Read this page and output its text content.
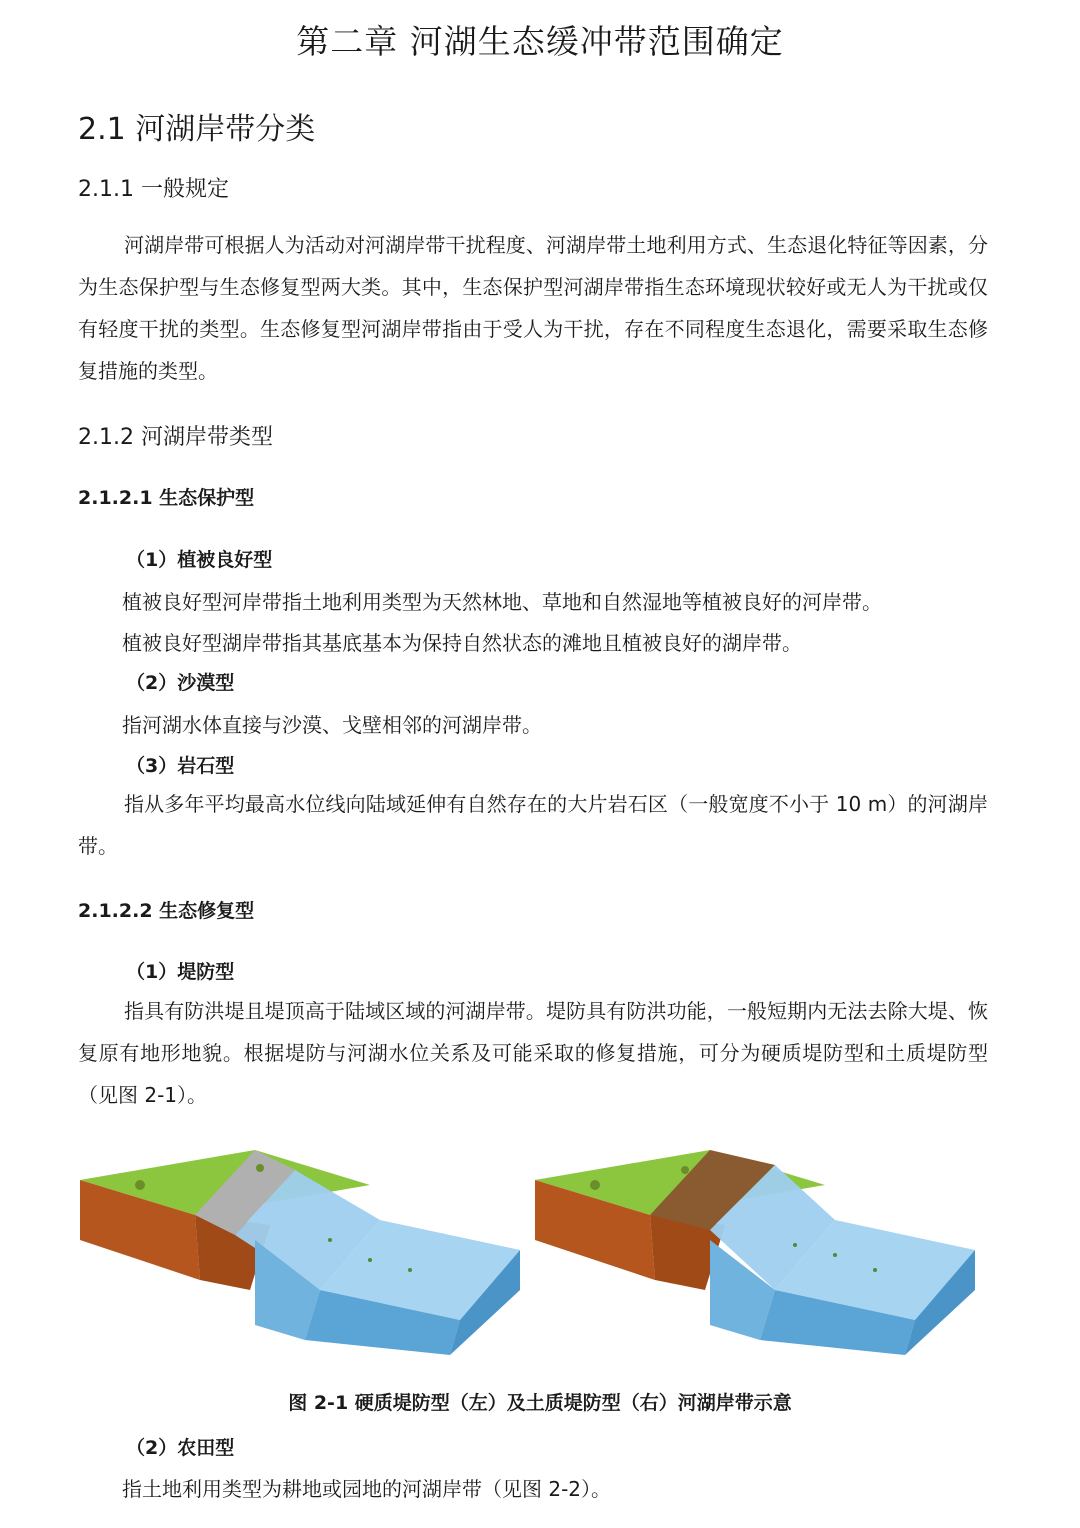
第二章 河湖生态缓冲带范围确定
2.1 河湖岸带分类
2.1.1 一般规定
河湖岸带可根据人为活动对河湖岸带干扰程度、河湖岸带土地利用方式、生态退化特征等因素，分为生态保护型与生态修复型两大类。其中，生态保护型河湖岸带指生态环境现状较好或无人为干扰或仅有轻度干扰的类型。生态修复型河湖岸带指由于受人为干扰，存在不同程度生态退化，需要采取生态修复措施的类型。
2.1.2 河湖岸带类型
2.1.2.1 生态保护型
（1）植被良好型
植被良好型河岸带指土地利用类型为天然林地、草地和自然湿地等植被良好的河岸带。
植被良好型湖岸带指其基底基本为保持自然状态的滩地且植被良好的湖岸带。
（2）沙漠型
指河湖水体直接与沙漠、戈壁相邻的河湖岸带。
（3）岩石型
指从多年平均最高水位线向陆域延伸有自然存在的大片岩石区（一般宽度不小于 10 m）的河湖岸带。
2.1.2.2 生态修复型
（1）堤防型
指具有防洪堤且堤顶高于陆域区域的河湖岸带。堤防具有防洪功能，一般短期内无法去除大堤、恢复原有地形地貌。根据堤防与河湖水位关系及可能采取的修复措施，可分为硬质堤防型和土质堤防型（见图 2-1）。
图 2-1 硬质堤防型（左）及土质堤防型（右）河湖岸带示意
（2）农田型
指土地利用类型为耕地或园地的河湖岸带（见图 2-2）。
